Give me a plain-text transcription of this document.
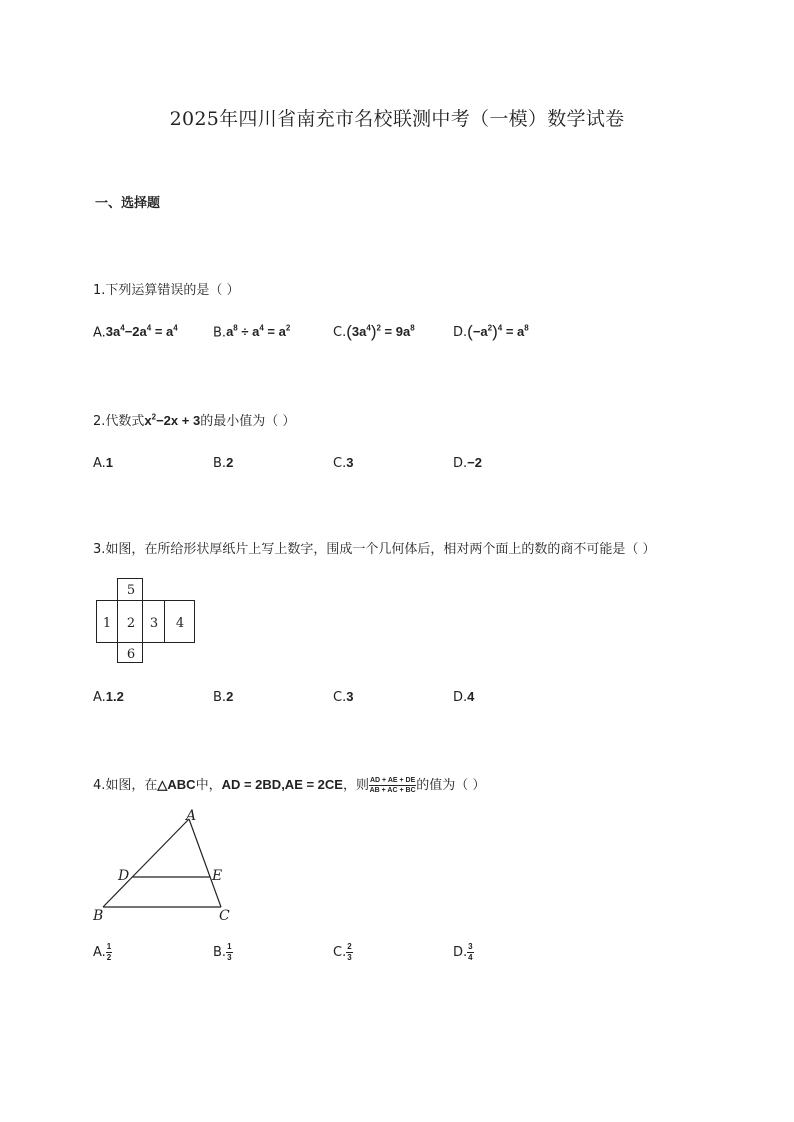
2025年四川省南充市名校联测中考（一模）数学试卷
一、选择题
1.下列运算错误的是（ ）
$A.3a^4-2a^4 = a^4$	$B.a^8 \div a^4 = a^2$	$C.(3a^4)^2 = 9a^8$	$D.(-a^2)^4 = a^8$
2.代数式$x^2-2x + 3$的最小值为（ ）
A.1	B.2	C.3	D.−2
3.如图，在所给形状厚纸片上写上数字，围成一个几何体后，相对两个面上的数的商不可能是（ ）
5
1 2 3 4
6
A.1.2	B.2	C.3	D.4
4.如图，在△ABC中，AD = 2BD,AE = 2CE，则 $\frac{AD + AE + DE}{AB + AC + BC}$ 的值为（ ）
A
D	E
B	C
A. $\frac{1}{2}$	B. $\frac{1}{3}$	C. $\frac{2}{3}$	D. $\frac{3}{4}$
